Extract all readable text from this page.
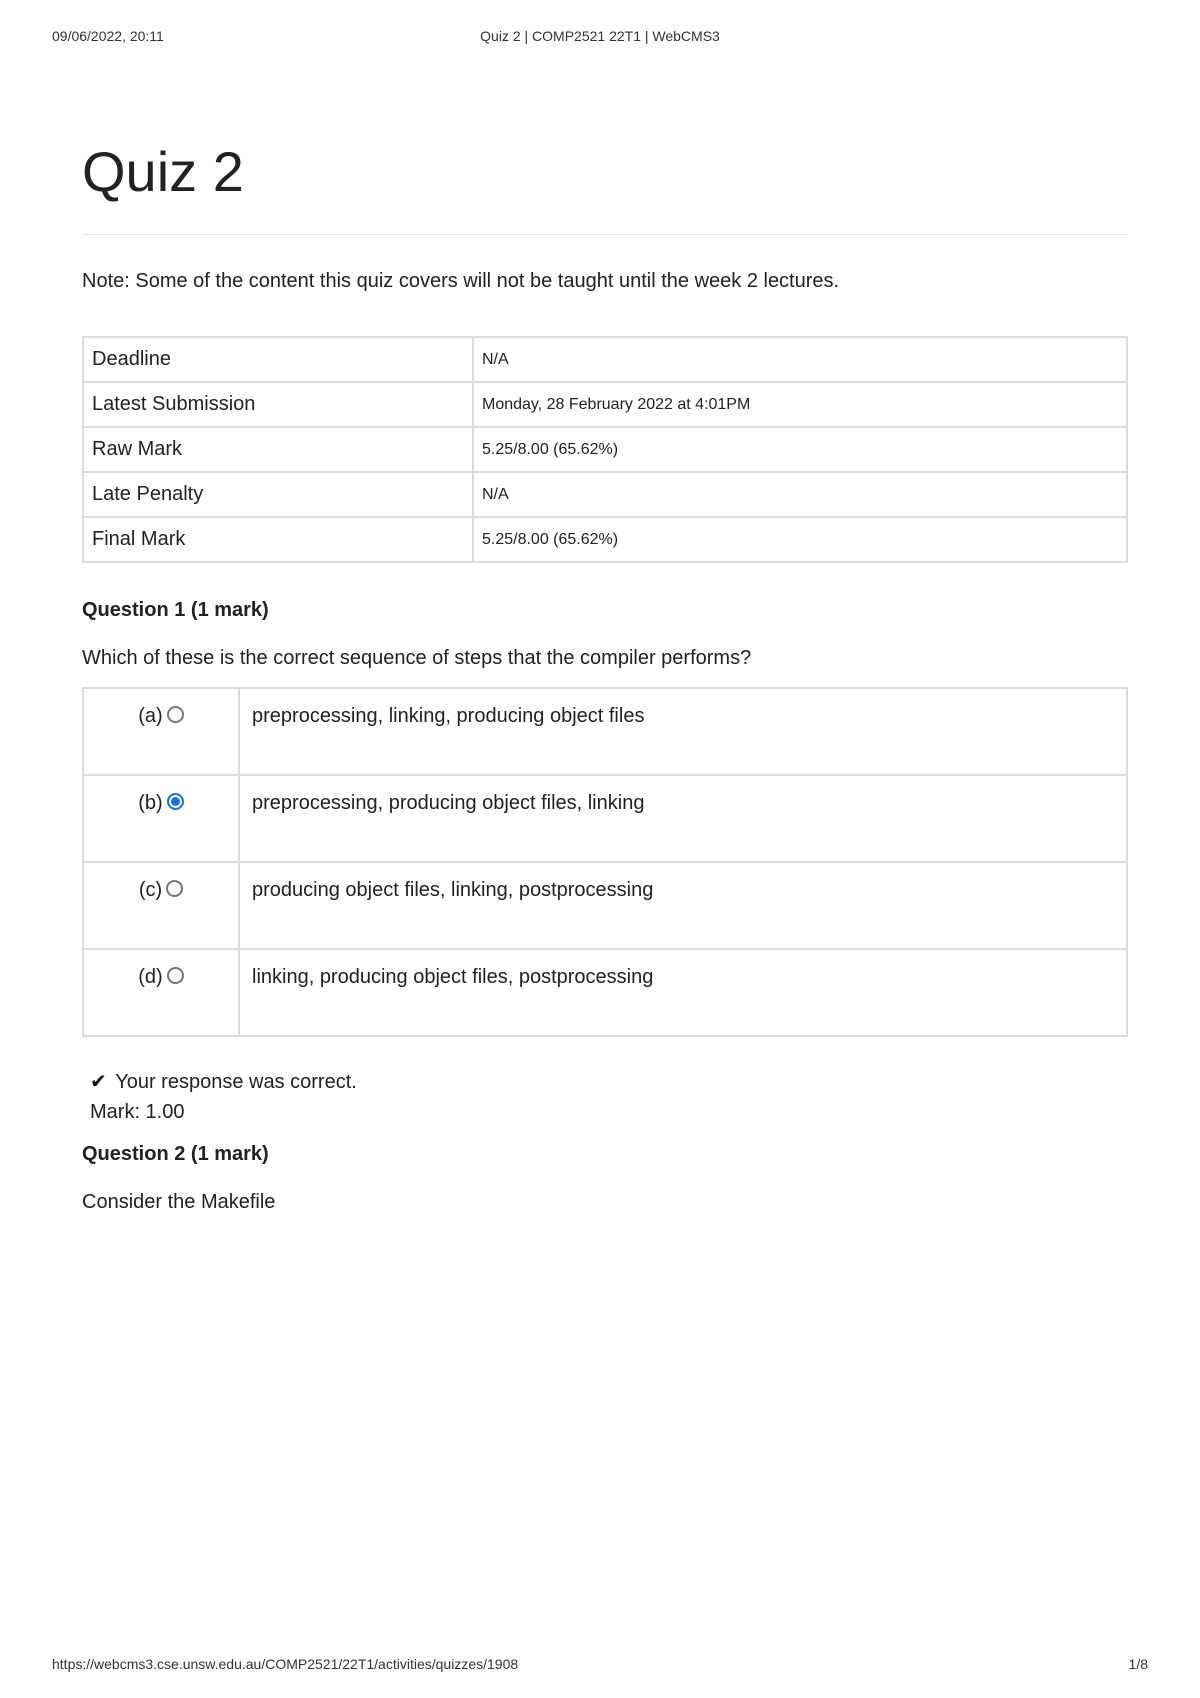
09/06/2022, 20:11	Quiz 2 | COMP2521 22T1 | WebCMS3
Quiz 2

Note: Some of the content this quiz covers will not be taught until the week 2 lectures.

Deadline	N/A
Latest Submission	Monday, 28 February 2022 at 4:01PM
Raw Mark	5.25/8.00 (65.62%)
Late Penalty	N/A
Final Mark	5.25/8.00 (65.62%)
Question 1 (1 mark)
Which of these is the correct sequence of steps that the compiler performs?
(a)	preprocessing, linking, producing object files
(b)	preprocessing, producing object files, linking
(c)	producing object files, linking, postprocessing
(d)	linking, producing object files, postprocessing
✔ Your response was correct.
Mark: 1.00
Question 2 (1 mark)
Consider the Makefile
https://webcms3.cse.unsw.edu.au/COMP2521/22T1/activities/quizzes/1908	1/8
